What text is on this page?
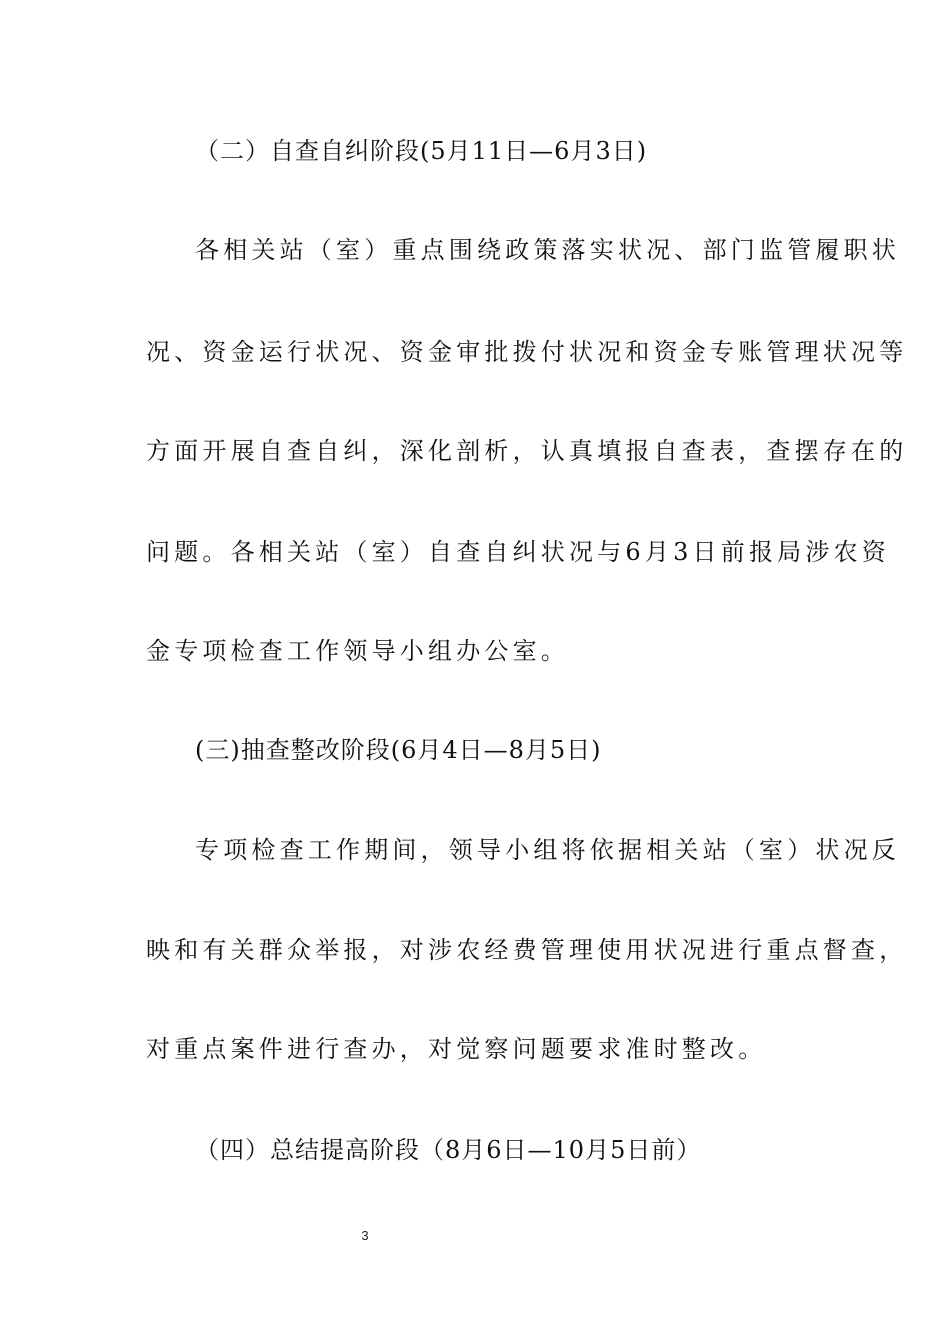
（二）自查自纠阶段(5月11日—6月3日)
各相关站（室）重点围绕政策落实状况、部门监管履职状
况、资金运行状况、资金审批拨付状况和资金专账管理状况等
方面开展自查自纠，深化剖析，认真填报自查表，查摆存在的
问题。各相关站（室）自查自纠状况与6月3日前报局涉农资
金专项检查工作领导小组办公室。
(三)抽查整改阶段(6月4日—8月5日)
专项检查工作期间，领导小组将依据相关站（室）状况反
映和有关群众举报，对涉农经费管理使用状况进行重点督查，
对重点案件进行查办，对觉察问题要求准时整改。
（四）总结提高阶段（8月6日—10月5日前）
3
